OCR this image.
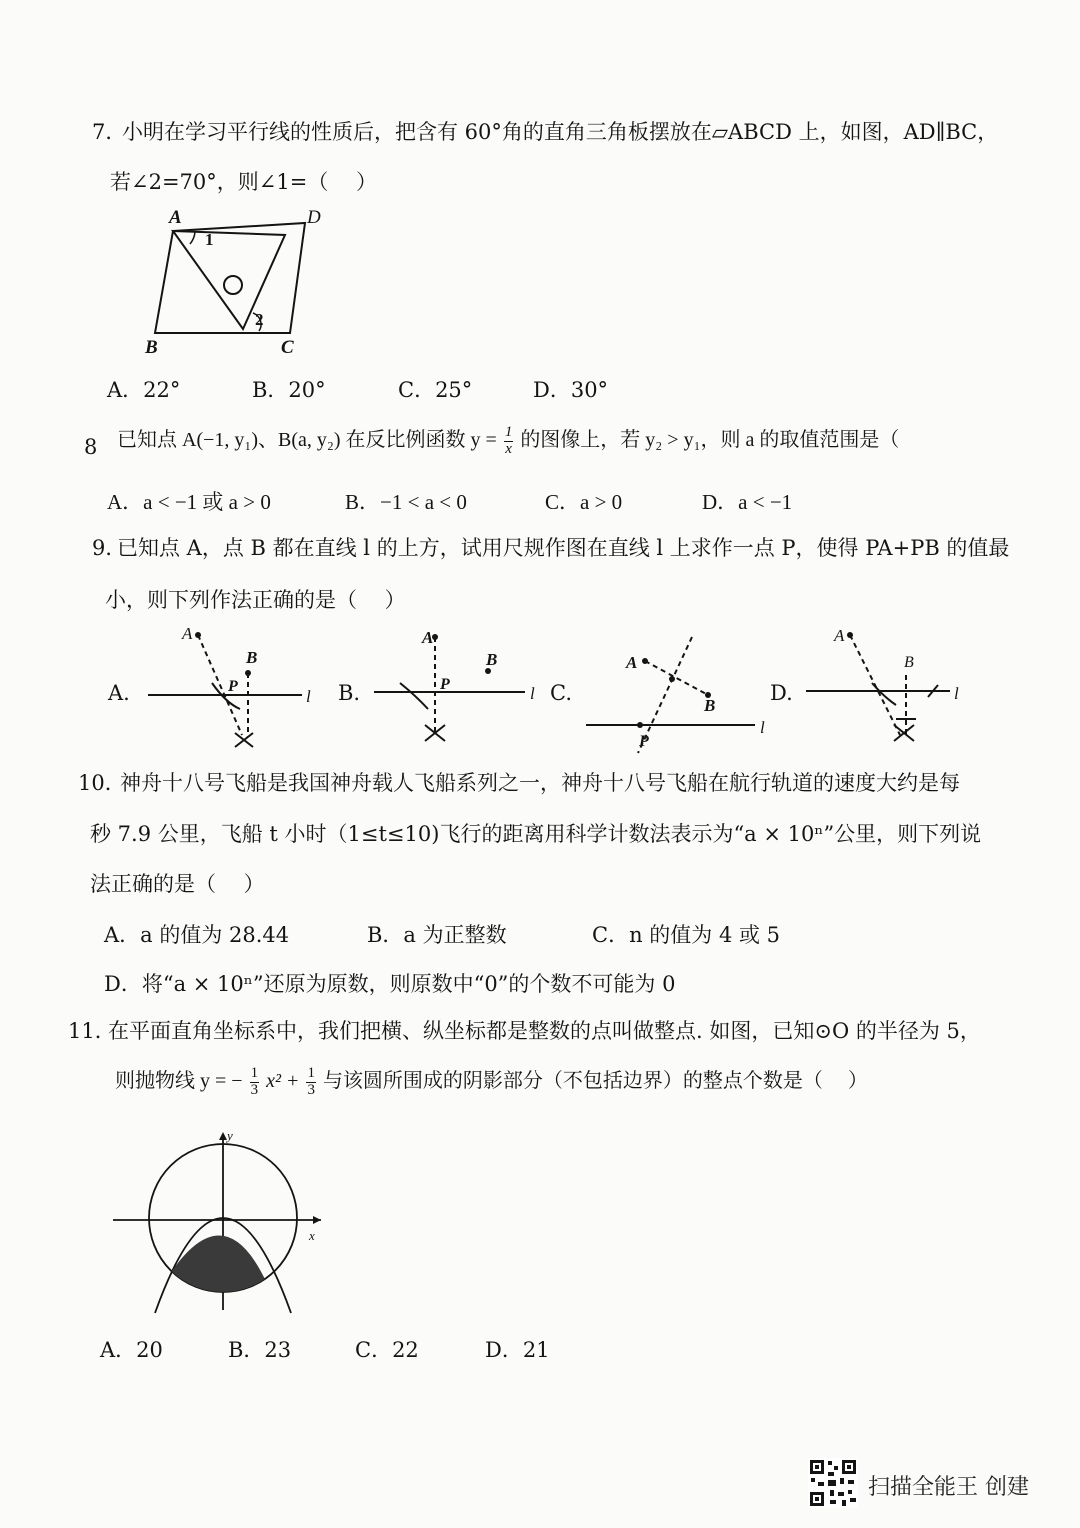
7．
小明在学习平行线的性质后，把含有 60°角的直角三角板摆放在▱ABCD 上，如图，AD∥BC，
若∠2=70°，则∠1=（　 ）
A	D
B	C
1
2
A．22°	B．20°	C．25°	D．30°
8 已知点 A(−1, y₁)、B(a, y₂) 在反比例函数 $y = \frac{1}{x}$ 的图像上，若 y₂ > y₁，则 a 的取值范围是（
A．a < −1 或 a > 0	B．−1 < a < 0	C．a > 0	D．a < −1
9．
已知点 A，点 B 都在直线 l 的上方，试用尺规作图在直线 l 上求作一点 P，使得 PA+PB 的值最
小，则下列作法正确的是（　 ）
A.	B.	C.	D.
A
B
P
l
A
B
P	l
A
B
P
l
A
B
l
10．
神舟十八号飞船是我国神舟载人飞船系列之一，神舟十八号飞船在航行轨道的速度大约是每
秒 7.9 公里，飞船 t 小时（1≤t≤10)飞行的距离用科学计数法表示为“a × 10ⁿ”公里，则下列说
法正确的是（　 ）
A．a 的值为 28.44	B．a 为正整数	C．n 的值为 4 或 5
D．将“a × 10ⁿ”还原为原数，则原数中“0”的个数不可能为 0
11．
在平面直角坐标系中，我们把横、纵坐标都是整数的点叫做整点. 如图，已知⊙O 的半径为 5，
则抛物线 y = − $\frac{1}{3} x^2 + \frac{1}{3}$ 与该圆所围成的阴影部分（不包括边界）的整点个数是（　 ）
x
y
A．20	B．23	C．22	D．21
扫描全能王 创建
